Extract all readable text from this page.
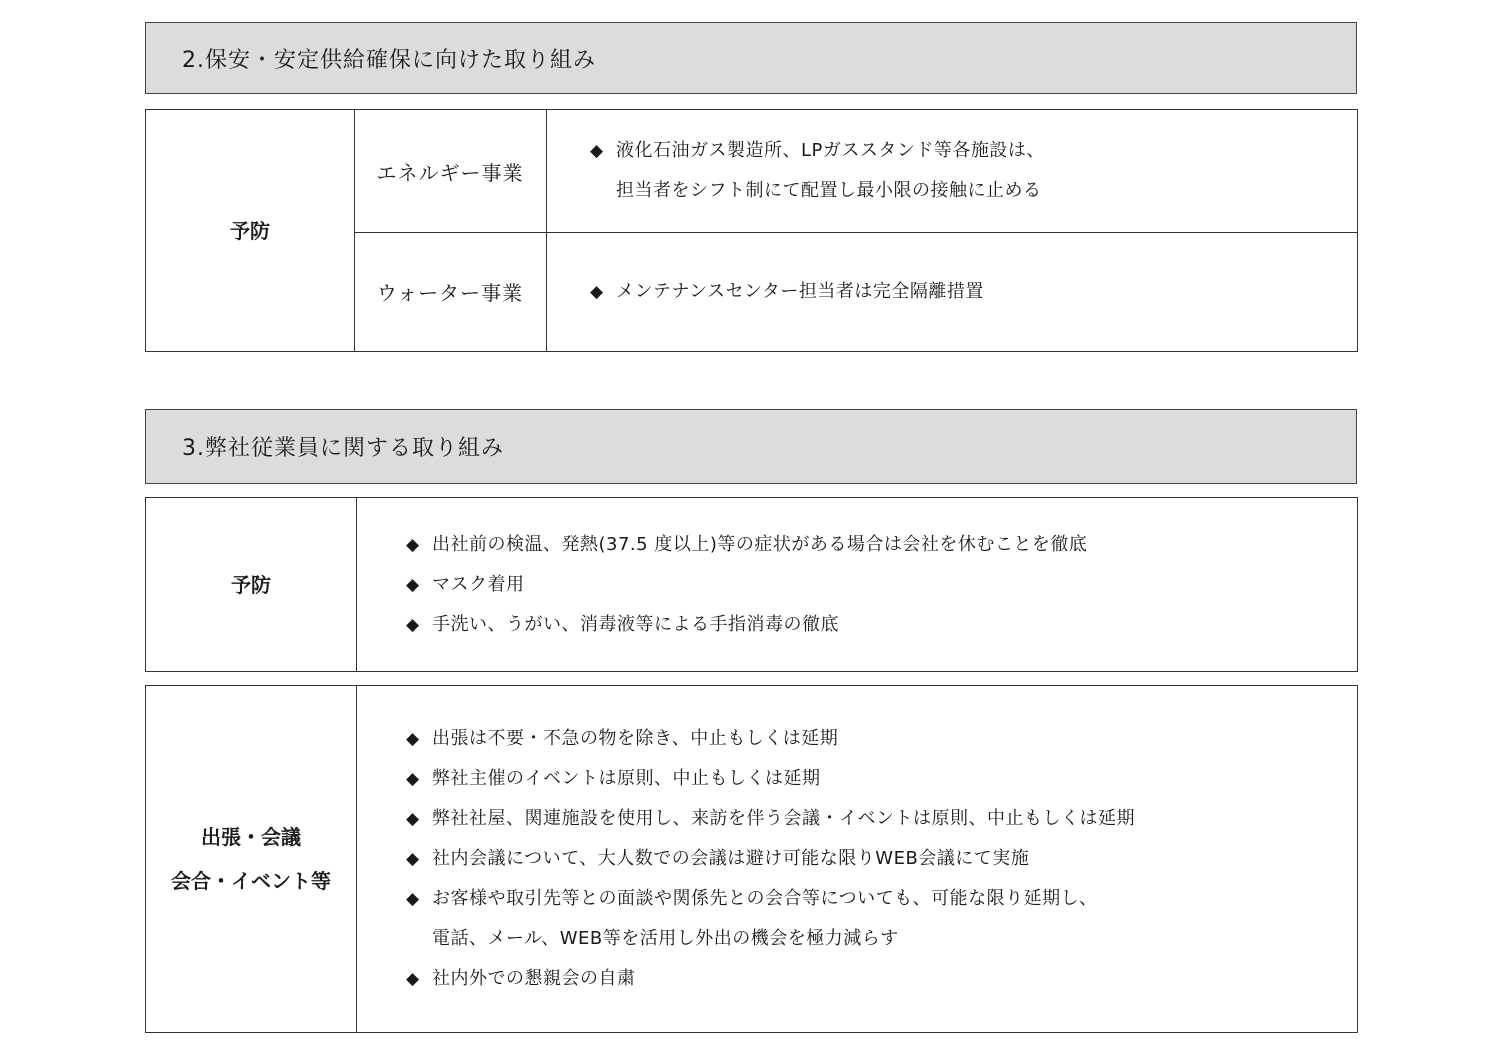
2.保安・安定供給確保に向けた取り組み
予防
エネルギー事業
◆ 液化石油ガス製造所、LPガススタンド等各施設は、
担当者をシフト制にて配置し最小限の接触に止める
ウォーター事業	◆ メンテナンスセンター担当者は完全隔離措置
3.弊社従業員に関する取り組み
予防
◆ 出社前の検温、発熱(37.5 度以上)等の症状がある場合は会社を休むことを徹底
◆ マスク着用
◆ 手洗い、うがい、消毒液等による手指消毒の徹底
出張・会議
会合・イベント等
◆ 出張は不要・不急の物を除き、中止もしくは延期
◆ 弊社主催のイベントは原則、中止もしくは延期
◆ 弊社社屋、関連施設を使用し、来訪を伴う会議・イベントは原則、中止もしくは延期
◆ 社内会議について、大人数での会議は避け可能な限りWEB会議にて実施
◆ お客様や取引先等との面談や関係先との会合等についても、可能な限り延期し、
電話、メール、WEB等を活用し外出の機会を極力減らす
◆ 社内外での懇親会の自粛
